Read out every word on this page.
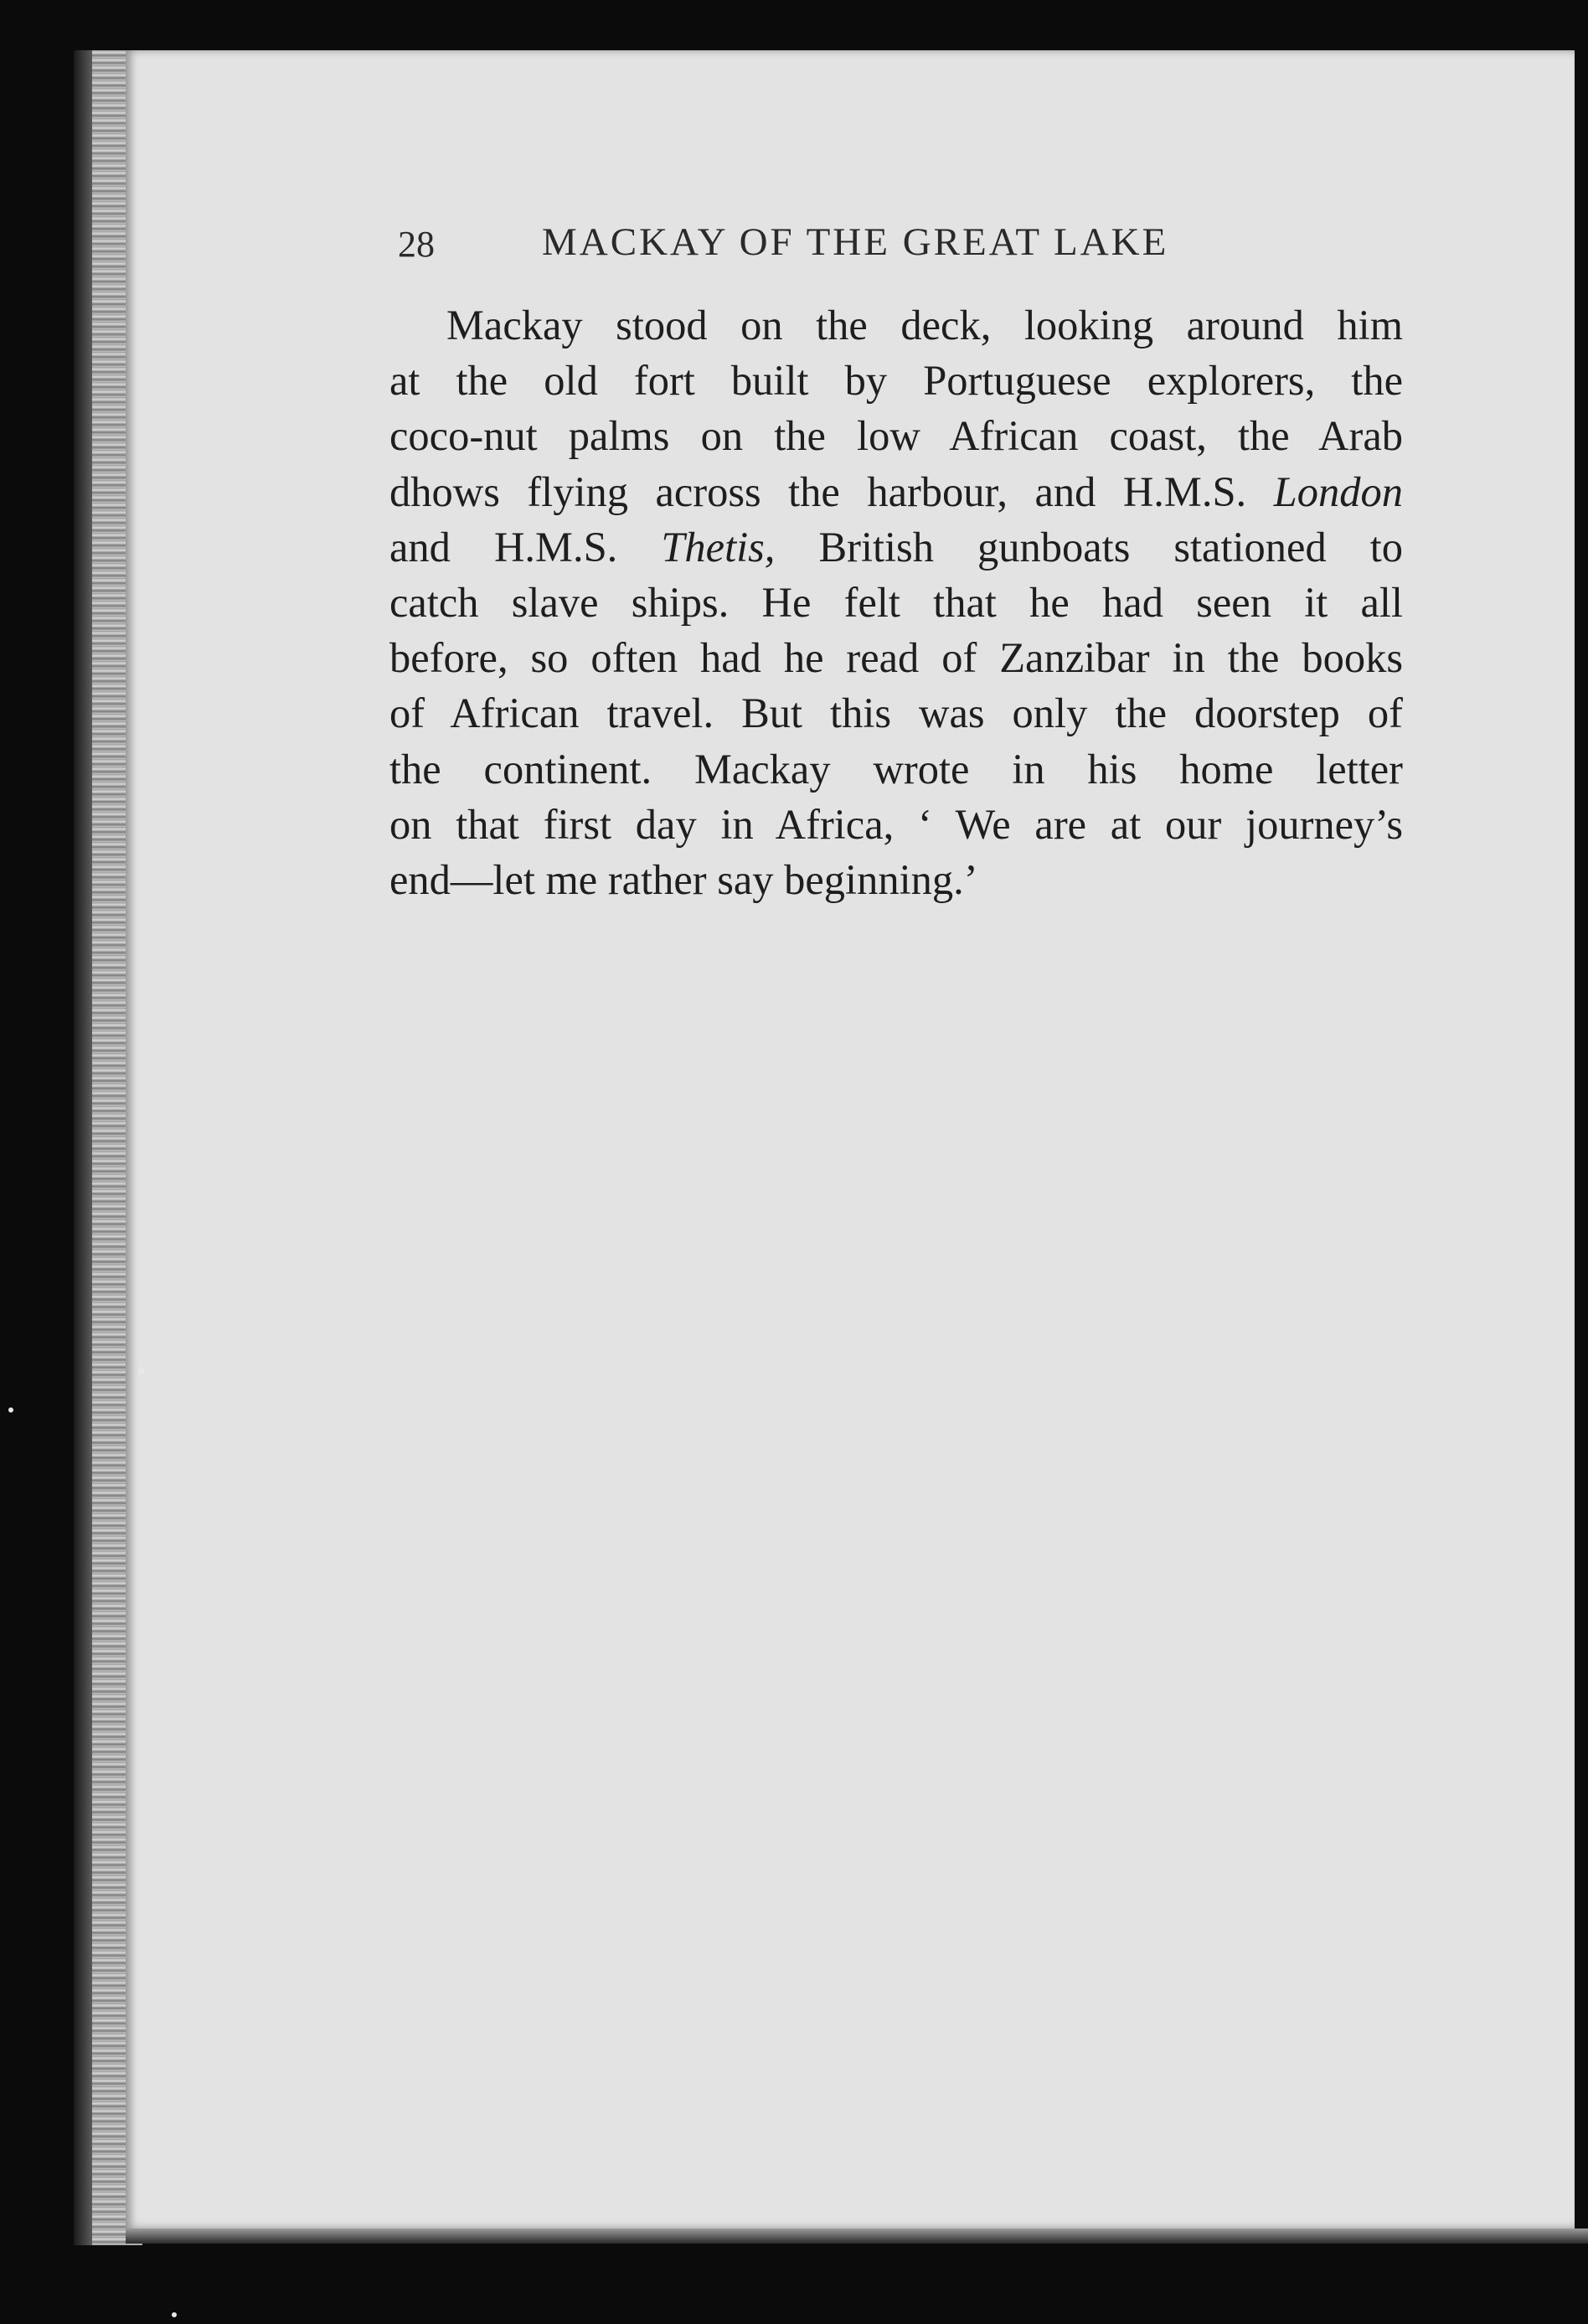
28	MACKAY OF THE GREAT LAKE

Mackay stood on the deck, looking around him
at the old fort built by Portuguese explorers, the
coco-nut palms on the low African coast, the Arab
dhows flying across the harbour, and H.M.S. London
and H.M.S. Thetis, British gunboats stationed to
catch slave ships. He felt that he had seen it all
before, so often had he read of Zanzibar in the books
of African travel. But this was only the doorstep of
the continent. Mackay wrote in his home letter
on that first day in Africa, ‘ We are at our journey’s
end—let me rather say beginning.’
